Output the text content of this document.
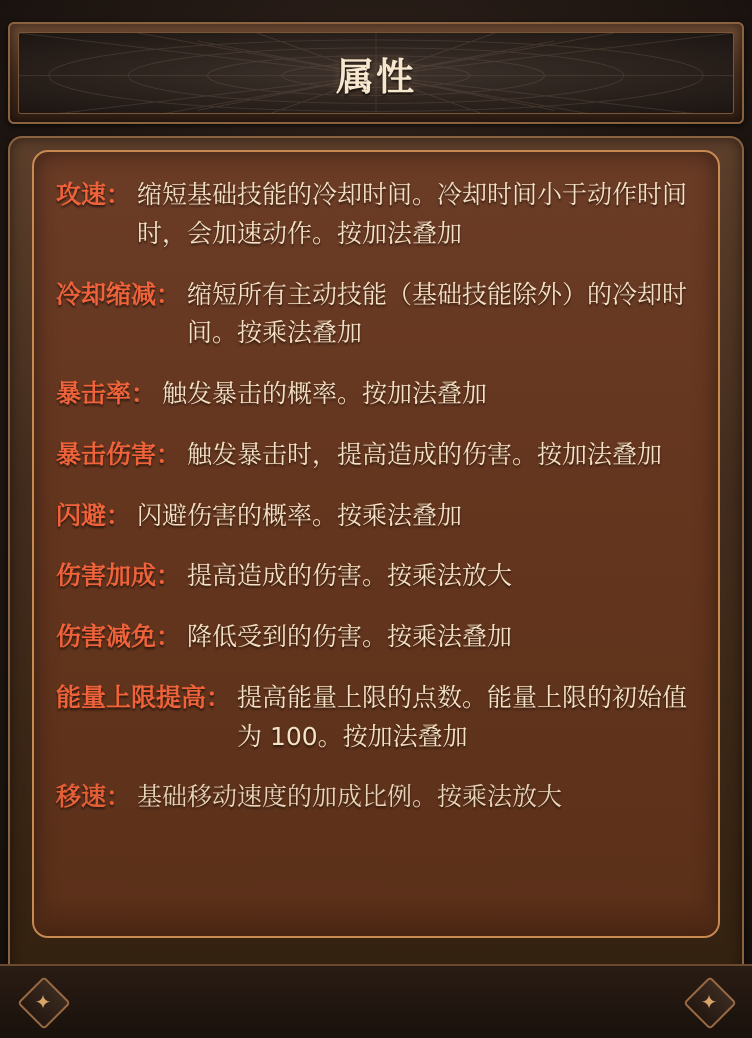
属性
攻速： 缩短基础技能的冷却时间。冷却时间小于动作时间时，会加速动作。按加法叠加
冷却缩减： 缩短所有主动技能（基础技能除外）的冷却时间。按乘法叠加
暴击率： 触发暴击的概率。按加法叠加
暴击伤害： 触发暴击时，提高造成的伤害。按加法叠加
闪避： 闪避伤害的概率。按乘法叠加
伤害加成： 提高造成的伤害。按乘法放大
伤害减免： 降低受到的伤害。按乘法叠加
能量上限提高： 提高能量上限的点数。能量上限的初始值为 100。按加法叠加
移速： 基础移动速度的加成比例。按乘法放大
✦	✦
